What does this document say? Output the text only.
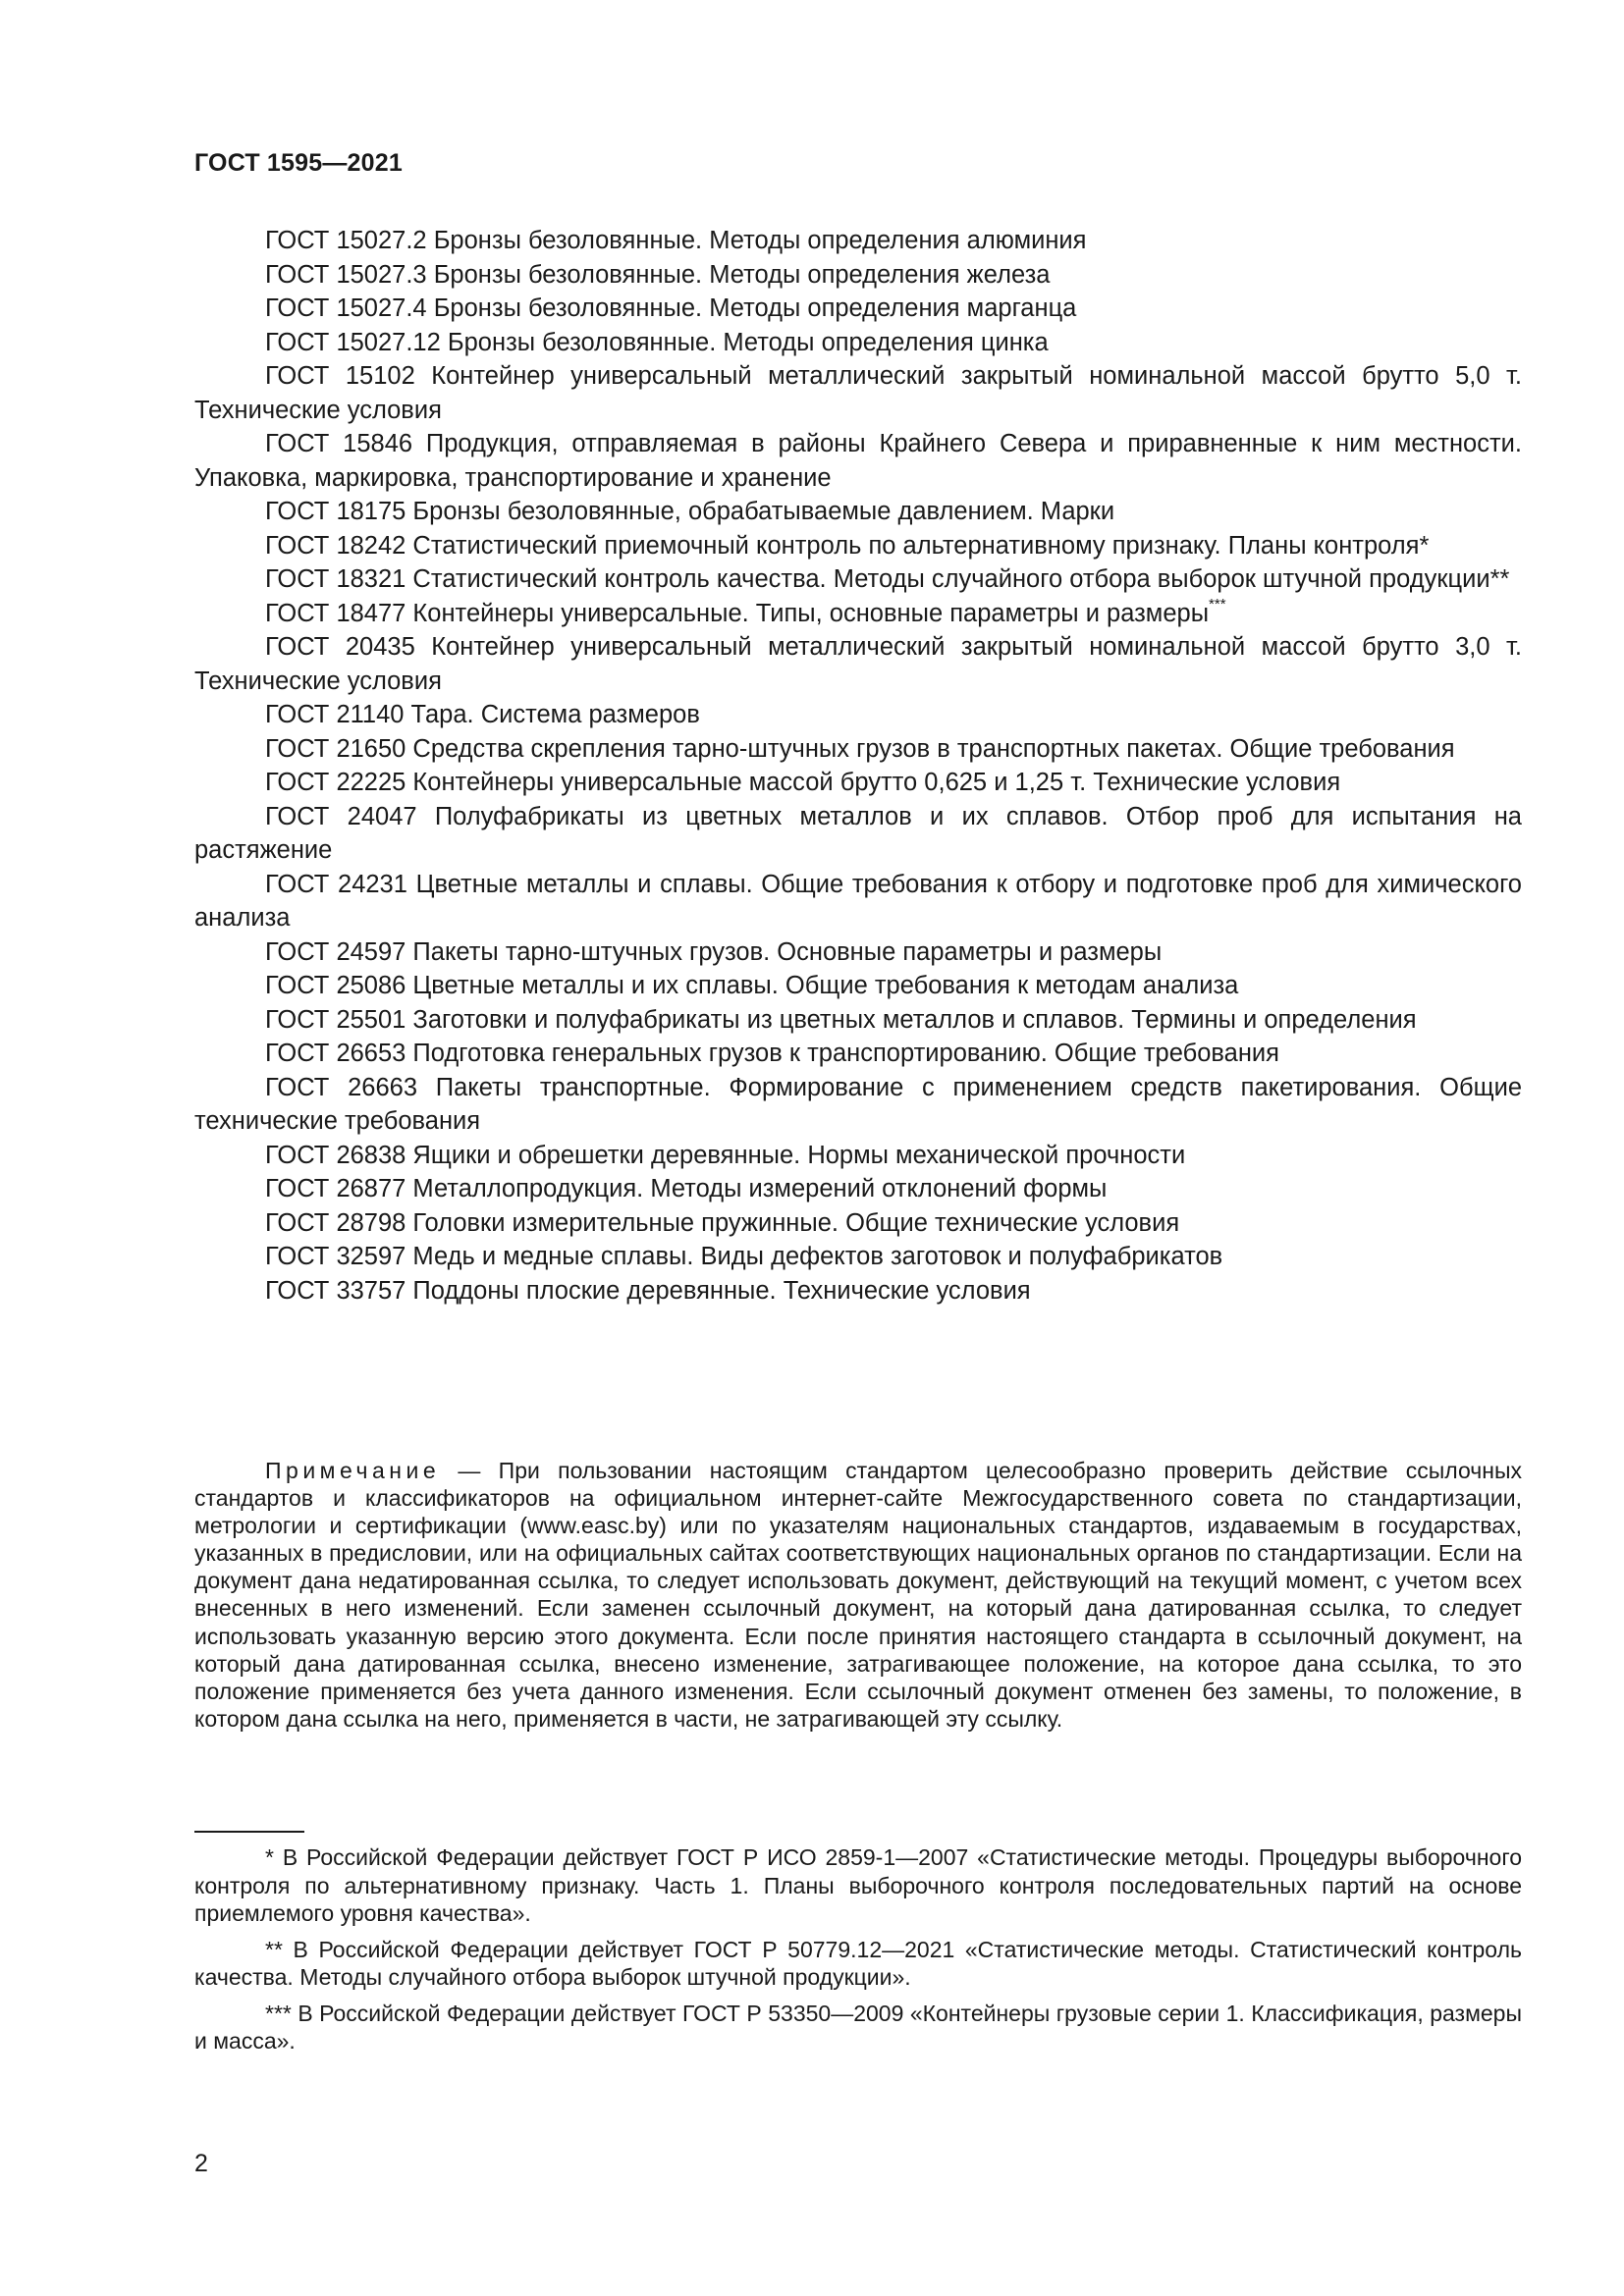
ГОСТ 1595—2021

ГОСТ 15027.2 Бронзы безоловянные. Методы определения алюминия

ГОСТ 15027.3 Бронзы безоловянные. Методы определения железа

ГОСТ 15027.4 Бронзы безоловянные. Методы определения марганца

ГОСТ 15027.12 Бронзы безоловянные. Методы определения цинка

ГОСТ 15102 Контейнер универсальный металлический закрытый номинальной массой брутто 5,0 т. Технические условия

ГОСТ 15846 Продукция, отправляемая в районы Крайнего Севера и приравненные к ним местности. Упаковка, маркировка, транспортирование и хранение

ГОСТ 18175 Бронзы безоловянные, обрабатываемые давлением. Марки

ГОСТ 18242 Статистический приемочный контроль по альтернативному признаку. Планы контроля*

ГОСТ 18321 Статистический контроль качества. Методы случайного отбора выборок штучной продукции**

ГОСТ 18477 Контейнеры универсальные. Типы, основные параметры и размеры***

ГОСТ 20435 Контейнер универсальный металлический закрытый номинальной массой брутто 3,0 т. Технические условия

ГОСТ 21140 Тара. Система размеров

ГОСТ 21650 Средства скрепления тарно-штучных грузов в транспортных пакетах. Общие требования

ГОСТ 22225 Контейнеры универсальные массой брутто 0,625 и 1,25 т. Технические условия

ГОСТ 24047 Полуфабрикаты из цветных металлов и их сплавов. Отбор проб для испытания на растяжение

ГОСТ 24231 Цветные металлы и сплавы. Общие требования к отбору и подготовке проб для химического анализа

ГОСТ 24597 Пакеты тарно-штучных грузов. Основные параметры и размеры

ГОСТ 25086 Цветные металлы и их сплавы. Общие требования к методам анализа

ГОСТ 25501 Заготовки и полуфабрикаты из цветных металлов и сплавов. Термины и определения

ГОСТ 26653 Подготовка генеральных грузов к транспортированию. Общие требования

ГОСТ 26663 Пакеты транспортные. Формирование с применением средств пакетирования. Общие технические требования

ГОСТ 26838 Ящики и обрешетки деревянные. Нормы механической прочности

ГОСТ 26877 Металлопродукция. Методы измерений отклонений формы

ГОСТ 28798 Головки измерительные пружинные. Общие технические условия

ГОСТ 32597 Медь и медные сплавы. Виды дефектов заготовок и полуфабрикатов

ГОСТ 33757 Поддоны плоские деревянные. Технические условия

Примечание — При пользовании настоящим стандартом целесообразно проверить действие ссылочных стандартов и классификаторов на официальном интернет-сайте Межгосударственного совета по стандартизации, метрологии и сертификации (www.easc.by) или по указателям национальных стандартов, издаваемым в государствах, указанных в предисловии, или на официальных сайтах соответствующих национальных органов по стандартизации. Если на документ дана недатированная ссылка, то следует использовать документ, действующий на текущий момент, с учетом всех внесенных в него изменений. Если заменен ссылочный документ, на который дана датированная ссылка, то следует использовать указанную версию этого документа. Если после принятия настоящего стандарта в ссылочный документ, на который дана датированная ссылка, внесено изменение, затрагивающее положение, на которое дана ссылка, то это положение применяется без учета данного изменения. Если ссылочный документ отменен без замены, то положение, в котором дана ссылка на него, применяется в части, не затрагивающей эту ссылку.

* В Российской Федерации действует ГОСТ Р ИСО 2859-1—2007 «Статистические методы. Процедуры выборочного контроля по альтернативному признаку. Часть 1. Планы выборочного контроля последовательных партий на основе приемлемого уровня качества».

** В Российской Федерации действует ГОСТ Р 50779.12—2021 «Статистические методы. Статистический контроль качества. Методы случайного отбора выборок штучной продукции».

*** В Российской Федерации действует ГОСТ Р 53350—2009 «Контейнеры грузовые серии 1. Классификация, размеры и масса».

2
